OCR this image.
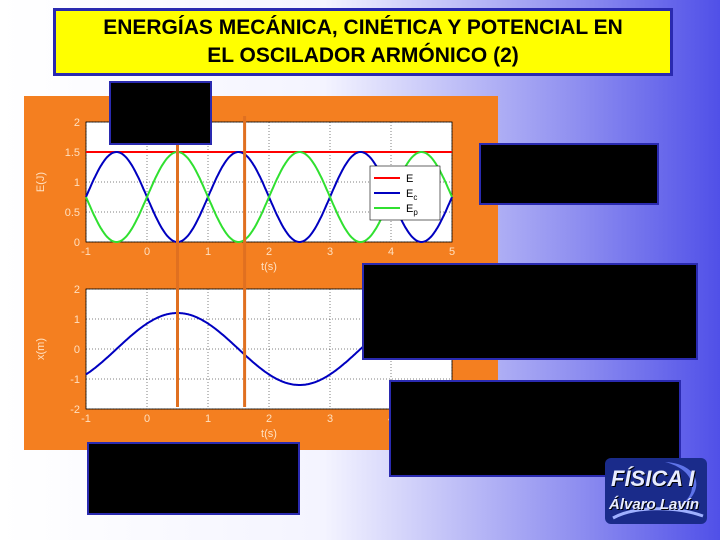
ENERGÍAS MECÁNICA, CINÉTICA Y POTENCIAL EN
EL OSCILADOR ARMÓNICO (2)
-1	0	1	2	3	4	5
0
0.5
1
1.5
2
t(s)
E(J)	E
$E_c$
$E_p$
-1	0	1	2	3
-2
-1
0
1
2
t(s)
x(m)
FÍSICA I
Álvaro Lavín
